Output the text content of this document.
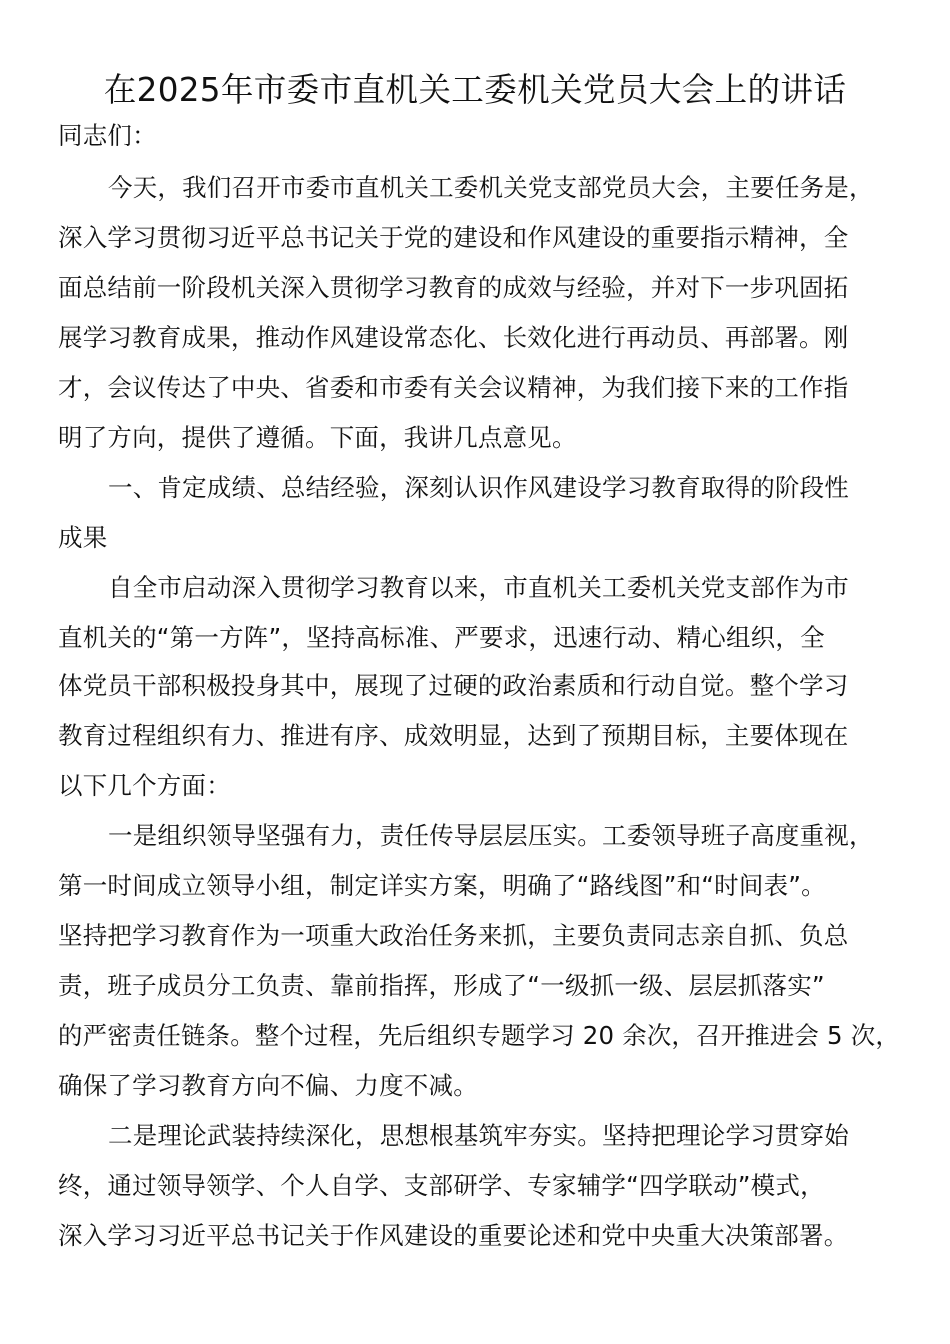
在2025年市委市直机关工委机关党员大会上的讲话
同志们：
今天，我们召开市委市直机关工委机关党支部党员大会，主要任务是，
深入学习贯彻习近平总书记关于党的建设和作风建设的重要指示精神，全
面总结前一阶段机关深入贯彻学习教育的成效与经验，并对下一步巩固拓
展学习教育成果，推动作风建设常态化、长效化进行再动员、再部署。刚
才，会议传达了中央、省委和市委有关会议精神，为我们接下来的工作指
明了方向，提供了遵循。下面，我讲几点意见。
一、肯定成绩、总结经验，深刻认识作风建设学习教育取得的阶段性
成果
自全市启动深入贯彻学习教育以来，市直机关工委机关党支部作为市
直机关的“第一方阵”，坚持高标准、严要求，迅速行动、精心组织，全
体党员干部积极投身其中，展现了过硬的政治素质和行动自觉。整个学习
教育过程组织有力、推进有序、成效明显，达到了预期目标，主要体现在
以下几个方面：
一是组织领导坚强有力，责任传导层层压实。工委领导班子高度重视，
第一时间成立领导小组，制定详实方案，明确了“路线图”和“时间表”。
坚持把学习教育作为一项重大政治任务来抓，主要负责同志亲自抓、负总
责，班子成员分工负责、靠前指挥，形成了“一级抓一级、层层抓落实”
的严密责任链条。整个过程，先后组织专题学习 20 余次，召开推进会 5 次，
确保了学习教育方向不偏、力度不减。
二是理论武装持续深化，思想根基筑牢夯实。坚持把理论学习贯穿始
终，通过领导领学、个人自学、支部研学、专家辅学“四学联动”模式，
深入学习习近平总书记关于作风建设的重要论述和党中央重大决策部署。
